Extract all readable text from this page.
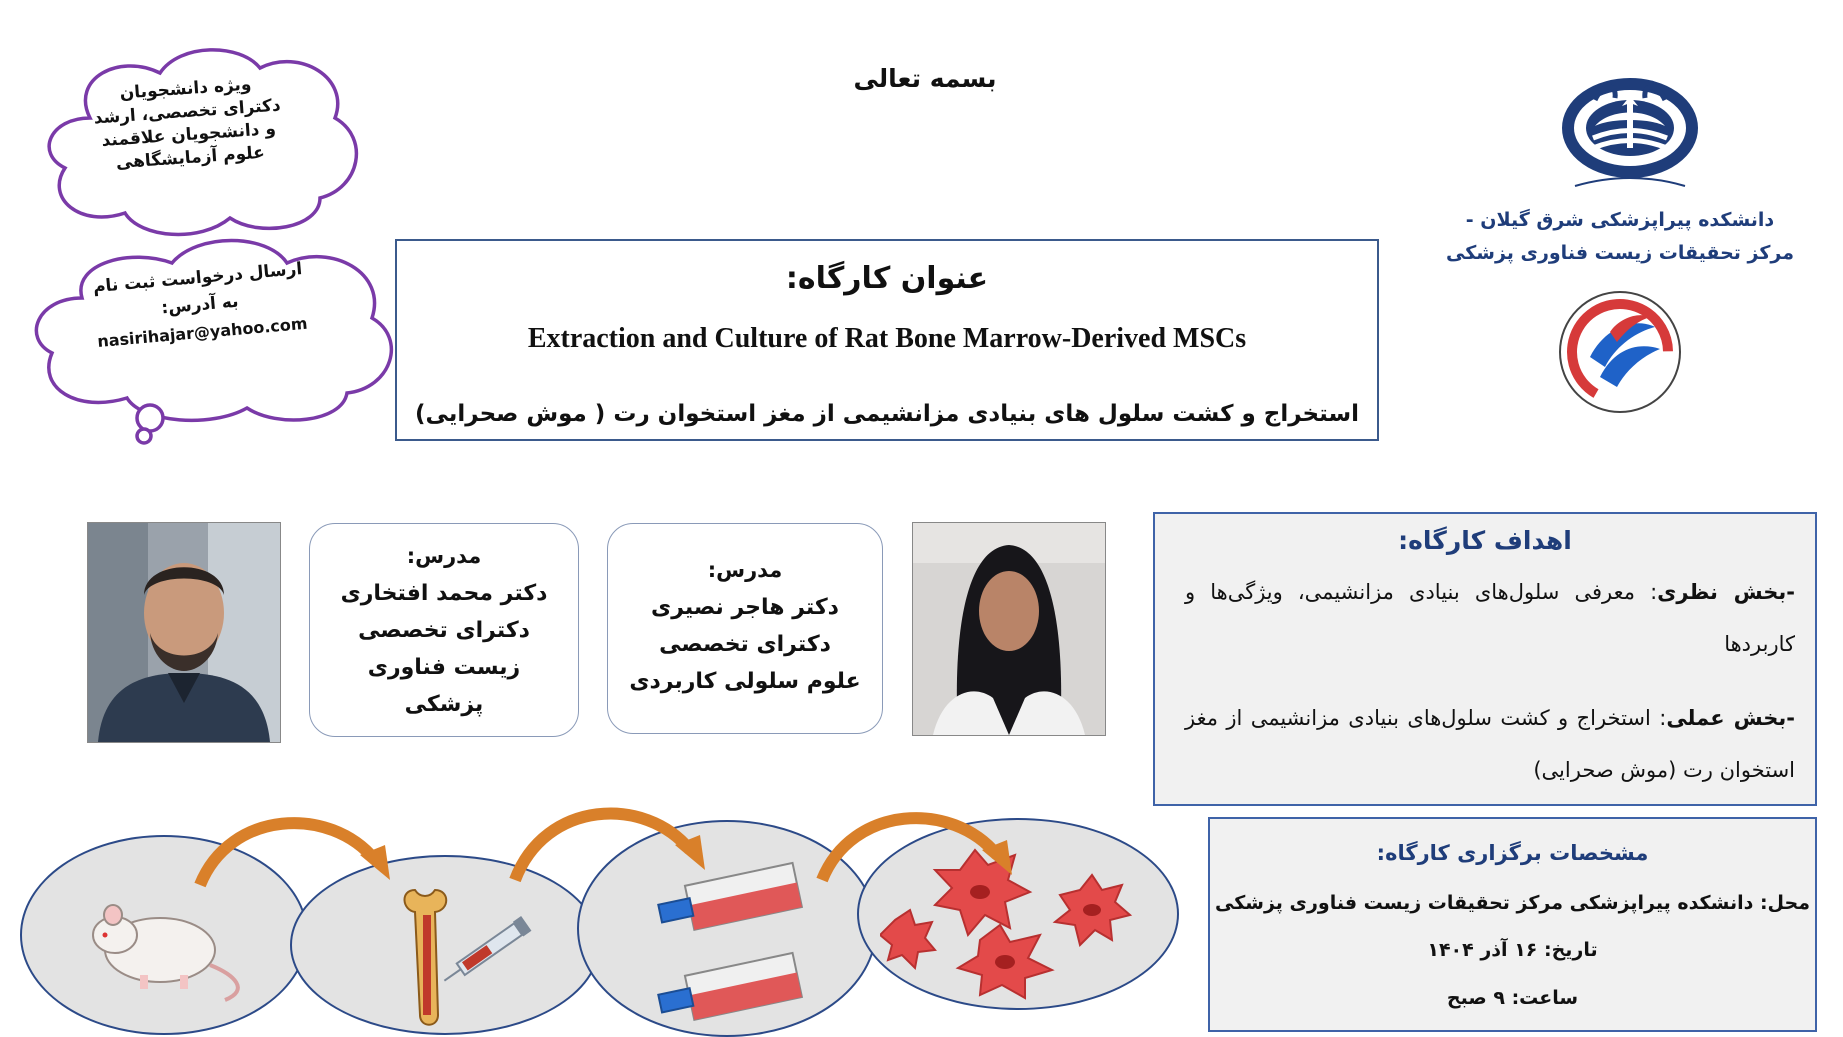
بسمه تعالی
ویژه دانشجویان
دکترای تخصصی، ارشد
و دانشجویان علاقمند
علوم آزمایشگاهی
ارسال درخواست ثبت نام
به آدرس:
nasirihajar@yahoo.com
عنوان کارگاه:
Extraction and Culture of Rat Bone Marrow-Derived MSCs
استخراج و کشت سلول های بنیادی مزانشیمی از مغز استخوان رت ( موش صحرایی)
دانشکده پیراپزشکی شرق گیلان -
مرکز تحقیقات زیست فناوری پزشکی
مدرس:
دکتر محمد افتخاری
دکترای تخصصی
زیست فناوری
پزشکی
مدرس:
دکتر هاجر نصیری
دکترای تخصصی
علوم سلولی کاربردی
اهداف کارگاه:
-بخش نظری: معرفی سلول‌های بنیادی مزانشیمی، ویژگی‌ها و کاربردها
-بخش عملی: استخراج و کشت سلول‌های بنیادی مزانشیمی از مغز استخوان رت (موش صحرایی)
مشخصات برگزاری کارگاه:
محل: دانشکده پیراپزشکی مرکز تحقیقات زیست فناوری پزشکی
تاریخ: ۱۶ آذر ۱۴۰۴
ساعت: ۹ صبح
